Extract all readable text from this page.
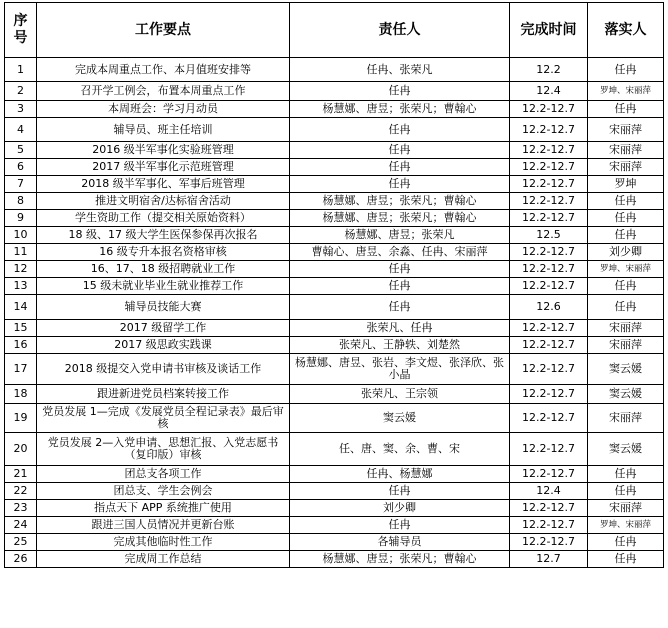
序号	工作要点	责任人	完成时间	落实人
1	完成本周重点工作、本月值班安排等	任冉、张荣凡	12.2	任冉
2	召开学工例会，布置本周重点工作	任冉	12.4	罗坤、宋丽萍
3	本周班会：学习月动员	杨慧娜、唐昱；张荣凡；曹翰心	12.2-12.7	任冉
4	辅导员、班主任培训	任冉	12.2-12.7	宋丽萍
5	2016 级半军事化实验班管理	任冉	12.2-12.7	宋丽萍
6	2017 级半军事化示范班管理	任冉	12.2-12.7	宋丽萍
7	2018 级半军事化、军事后班管理	任冉	12.2-12.7	罗坤
8	推进文明宿舍/达标宿舍活动	杨慧娜、唐昱；张荣凡；曹翰心	12.2-12.7	任冉
9	学生资助工作（提交相关原始资料）	杨慧娜、唐昱；张荣凡；曹翰心	12.2-12.7	任冉
10	18 级、17 级大学生医保参保再次报名	杨慧娜、唐昱；张荣凡	12.5	任冉
11	16 级专升本报名资格审核	曹翰心、唐昱、余淼、任冉、宋丽萍	12.2-12.7	刘少卿
12	16、17、18 级招聘就业工作	任冉	12.2-12.7	罗坤、宋丽萍
13	15 级未就业毕业生就业推荐工作	任冉	12.2-12.7	任冉
14	辅导员技能大赛	任冉	12.6	任冉
15	2017 级留学工作	张荣凡、任冉	12.2-12.7	宋丽萍
16	2017 级思政实践课	张荣凡、王静轶、刘楚然	12.2-12.7	宋丽萍
17	2018 级提交入党申请书审核及谈话工作	杨慧娜、唐昱、张岩、李文煜、张泽欣、张小晶	12.2-12.7	窦云媛
18	跟进新进党员档案转接工作	张荣凡、王宗领	12.2-12.7	窦云媛
19	党员发展 1—完成《发展党员全程记录表》最后审核	窦云媛	12.2-12.7	宋丽萍
20	党员发展 2—入党申请、思想汇报、入党志愿书（复印版）审核	任、唐、窦、余、曹、宋	12.2-12.7	窦云媛
21	团总支各项工作	任冉、杨慧娜	12.2-12.7	任冉
22	团总支、学生会例会	任冉	12.4	任冉
23	指点天下 APP 系统推广使用	刘少卿	12.2-12.7	宋丽萍
24	跟进三国人员情况并更新台账	任冉	12.2-12.7	罗坤、宋丽萍
25	完成其他临时性工作	各辅导员	12.2-12.7	任冉
26	完成周工作总结	杨慧娜、唐昱；张荣凡；曹翰心	12.7	任冉
